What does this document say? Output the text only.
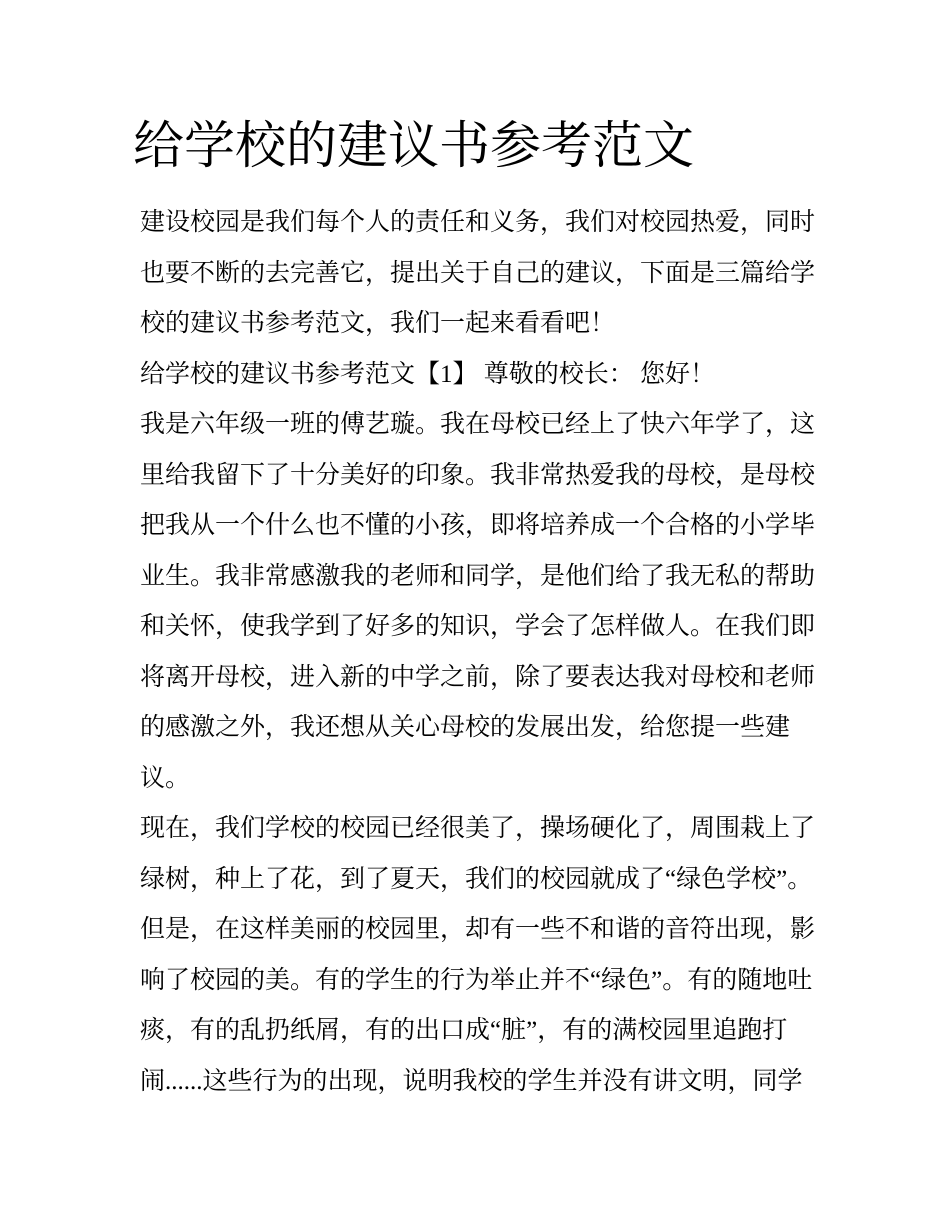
给学校的建议书参考范文
建设校园是我们每个人的责任和义务，我们对校园热爱，同时
也要不断的去完善它，提出关于自己的建议，下面是三篇给学
校的建议书参考范文，我们一起来看看吧！
给学校的建议书参考范文【1】 尊敬的校长： 您好！
我是六年级一班的傅艺璇。我在母校已经上了快六年学了，这
里给我留下了十分美好的印象。我非常热爱我的母校，是母校
把我从一个什么也不懂的小孩，即将培养成一个合格的小学毕
业生。我非常感激我的老师和同学，是他们给了我无私的帮助
和关怀，使我学到了好多的知识，学会了怎样做人。在我们即
将离开母校，进入新的中学之前，除了要表达我对母校和老师
的感激之外，我还想从关心母校的发展出发，给您提一些建
议。
现在，我们学校的校园已经很美了，操场硬化了，周围栽上了
绿树，种上了花，到了夏天，我们的校园就成了“绿色学校”。
但是，在这样美丽的校园里，却有一些不和谐的音符出现，影
响了校园的美。有的学生的行为举止并不“绿色”。有的随地吐
痰，有的乱扔纸屑，有的出口成“脏”，有的满校园里追跑打
闹......这些行为的出现，说明我校的学生并没有讲文明，同学
